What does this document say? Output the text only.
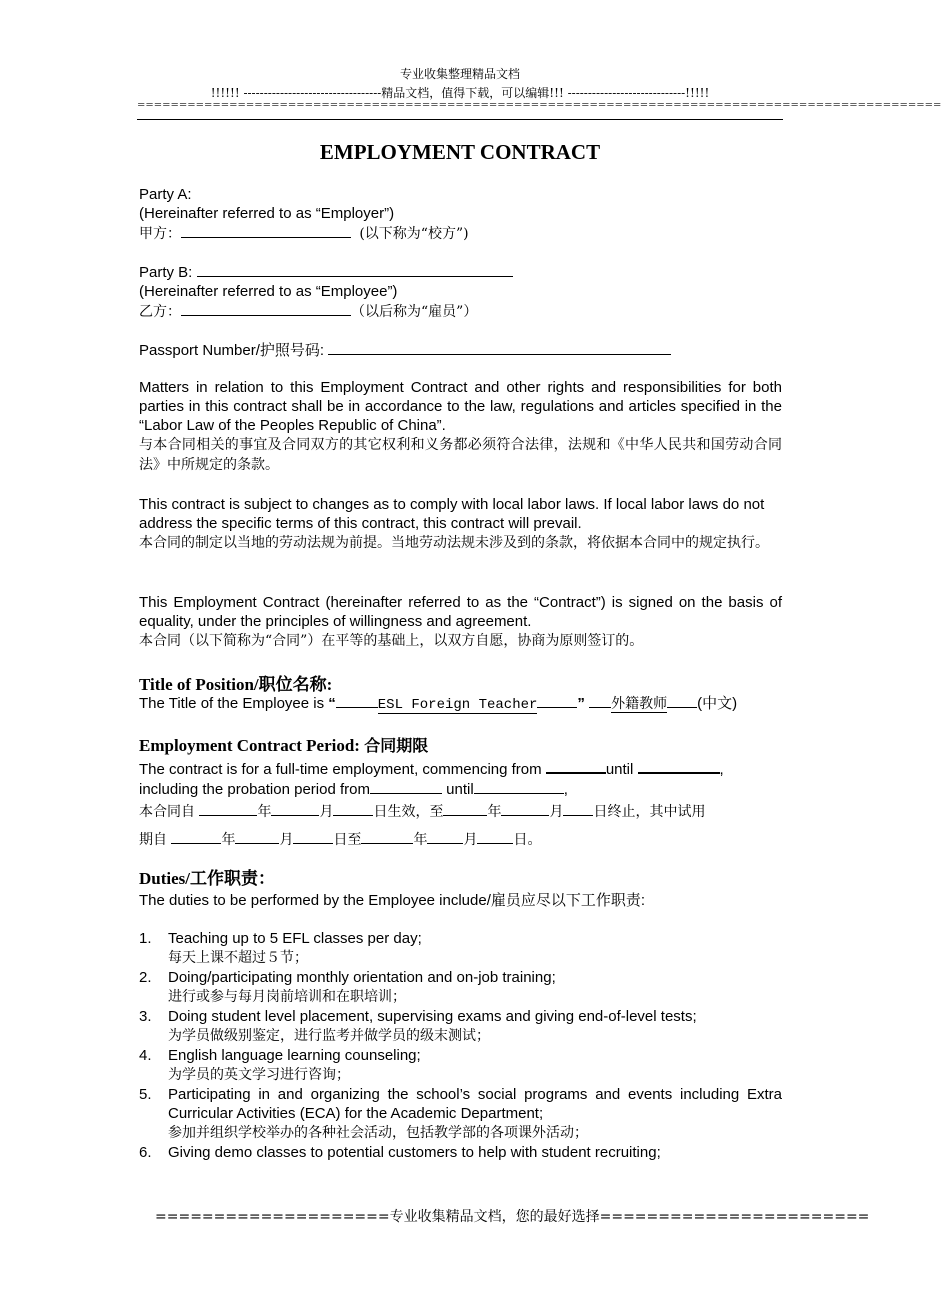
专业收集整理精品文档
!!!!!! ----------------------------------精品文档，值得下载，可以编辑!!! -----------------------------!!!!!
================================================================================================
EMPLOYMENT CONTRACT

Party A:

(Hereinafter referred to as “Employer”)

甲方：	(以下称为“校方”)

Party B:

(Hereinafter referred to as “Employee”)

乙方：	（以后称为“雇员”）

Passport Number/护照号码:

Matters in relation to this Employment Contract and other rights and responsibilities for both parties in this contract shall be in accordance to the law, regulations and articles specified in the “Labor Law of the Peoples Republic of China”.

与本合同相关的事宜及合同双方的其它权利和义务都必须符合法律，法规和《中华人民共和国劳动合同法》中所规定的条款。

This contract is subject to changes as to comply with local labor laws. If local labor laws do not address the specific terms of this contract, this contract will prevail.

本合同的制定以当地的劳动法规为前提。当地劳动法规未涉及到的条款，将依据本合同中的规定执行。

This Employment Contract (hereinafter referred to as the “Contract”) is signed on the basis of equality, under the principles of willingness and agreement.

本合同（以下简称为“合同”）在平等的基础上，以双方自愿，协商为原则签订的。

Title of Position/职位名称:
The Title of the Employee is “	ESL Foreign Teacher	” 外籍教师 (中文)
Employment Contract Period: 合同期限

The contract is for a full-time employment, commencing from	until	,

including the probation period from	until	,

本合同自	年	月	日生效，至	年	月 日终止，其中试用

期自	年	月	日至	年	月	日。

Duties/工作职责：
The duties to be performed by the Employee include/雇员应尽以下工作职责:
1. Teaching up to 5 EFL classes per day;
每天上课不超过５节；
2. Doing/participating monthly orientation and on-job training;
进行或参与每月岗前培训和在职培训；
3. Doing student level placement, supervising exams and giving end-of-level tests;
为学员做级别鉴定，进行监考并做学员的级末测试；
4. English language learning counseling;
为学员的英文学习进行咨询；
5. Participating in and organizing the school’s social programs and events including Extra Curricular Activities (ECA) for the Academic Department;
参加并组织学校举办的各种社会活动，包括教学部的各项课外活动；
6. Giving demo classes to potential customers to help with student recruiting;
====================专业收集精品文档，您的最好选择=======================
